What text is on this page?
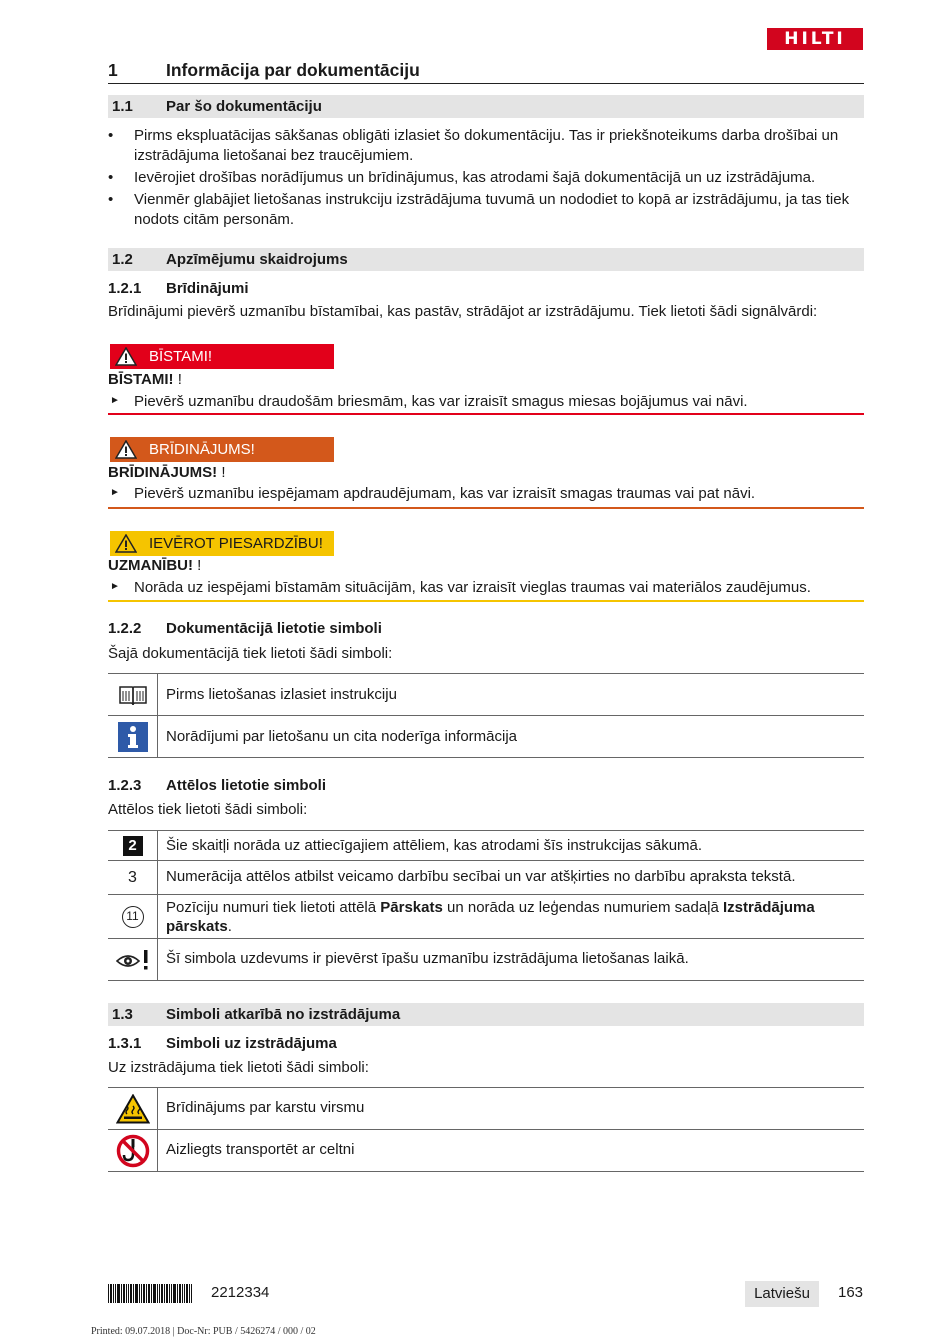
HILTI
1	Informācija par dokumentāciju
1.1 Par šo dokumentāciju
• Pirms ekspluatācijas sākšanas obligāti izlasiet šo dokumentāciju. Tas ir priekšnoteikums darba drošībai un izstrādājuma lietošanai bez traucējumiem.
• Ievērojiet drošības norādījumus un brīdinājumus, kas atrodami šajā dokumentācijā un uz izstrādājuma.
• Vienmēr glabājiet lietošanas instrukciju izstrādājuma tuvumā un nododiet to kopā ar izstrādājumu, ja tas tiek nodots citām personām.
1.2 Apzīmējumu skaidrojums
1.2.1 Brīdinājumi
Brīdinājumi pievērš uzmanību bīstamībai, kas pastāv, strādājot ar izstrādājumu. Tiek lietoti šādi signālvārdi:
BĪSTAMI!
BĪSTAMI! !
► Pievērš uzmanību draudošām briesmām, kas var izraisīt smagus miesas bojājumus vai nāvi.
BRĪDINĀJUMS!
BRĪDINĀJUMS! !
► Pievērš uzmanību iespējamam apdraudējumam, kas var izraisīt smagas traumas vai pat nāvi.
IEVĒROT PIESARDZĪBU!
UZMANĪBU! !
► Norāda uz iespējami bīstamām situācijām, kas var izraisīt vieglas traumas vai materiālos zaudējumus.
1.2.2 Dokumentācijā lietotie simboli
Šajā dokumentācijā tiek lietoti šādi simboli:
Pirms lietošanas izlasiet instrukciju
Norādījumi par lietošanu un cita noderīga informācija
1.2.3 Attēlos lietotie simboli
Attēlos tiek lietoti šādi simboli:
2	Šie skaitļi norāda uz attiecīgajiem attēliem, kas atrodami šīs instrukcijas sākumā.
3 Numerācija attēlos atbilst veicamo darbību secībai un var atšķirties no darbību apraksta tekstā.
11	Pozīciju numuri tiek lietoti attēlā Pārskats un norāda uz leģendas numuriem sadaļā Izstrādājuma pārskats.
Šī simbola uzdevums ir pievērst īpašu uzmanību izstrādājuma lietošanas laikā.
1.3 Simboli atkarībā no izstrādājuma
1.3.1 Simboli uz izstrādājuma
Uz izstrādājuma tiek lietoti šādi simboli:
Brīdinājums par karstu virsmu
Aizliegts transportēt ar celtni
2212334	Latviešu	163
Printed: 09.07.2018 | Doc-Nr: PUB / 5426274 / 000 / 02
